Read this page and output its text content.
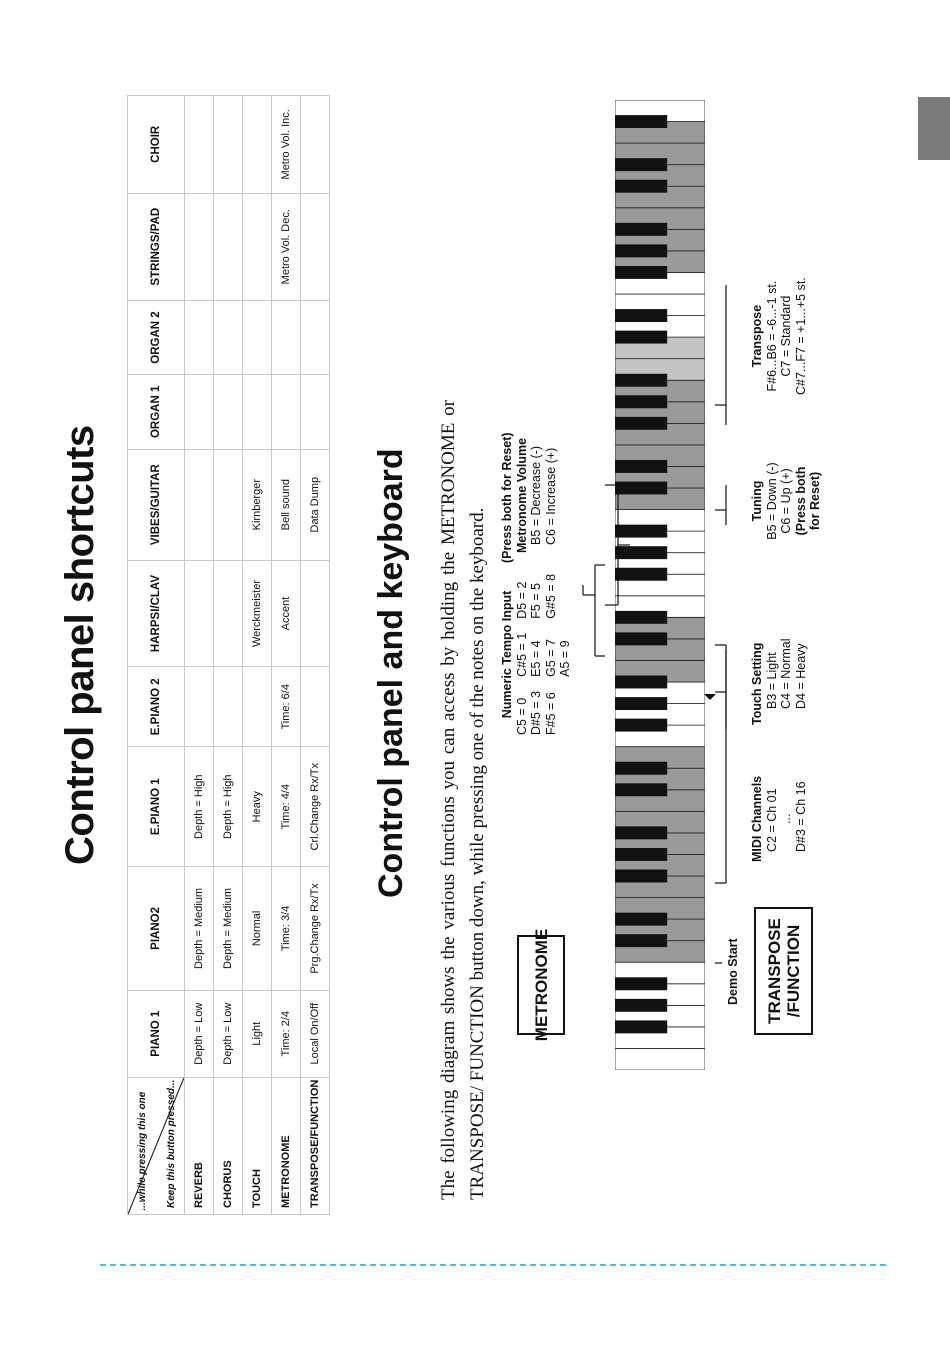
Control panel shortcuts
...while pressing this one Keep this button pressed...	PIANO 1	PIANO2	E.PIANO 1	E.PIANO 2	HARPSI/CLAV	VIBES/GUITAR	ORGAN 1	ORGAN 2	STRINGS/PAD	CHOIR
REVERB	Depth = Low	Depth = Medium	Depth = High							
CHORUS	Depth = Low	Depth = Medium	Depth = High							
TOUCH	Light	Normal	Heavy		Werckmeister	Kirnberger				
METRONOME	Time: 2/4	Time: 3/4	Time: 4/4	Time: 6/4	Accent	Bell sound			Metro Vol. Dec.	Metro Vol. Inc.
TRANSPOSE/FUNCTION	Local On/Off	Prg.Change Rx/Tx	Crl.Change Rx/Tx			Data Dump				Control panel and keyboard The following diagram shows the various functions you can access by holding the METRONOME or TRANSPOSE/ FUNCTION button down, while pressing one of the notes on the keyboard.	METRONOME	TRANSPOSE /FUNCTION
Numeric Tempo Input C5 = 0 D#5 = 3 F#5 = 6
C#5 = 1 E5 = 4 G5 = 7 A5 = 9
D5 = 2 F5 = 5 G#5 = 8
(Press both for Reset) Metronome Volume B5 = Decrease (-) C6 = Increase (+)
Demo Start
MIDI Channels C2 = Ch 01 ... D#3 = Ch 16
Touch Setting B3 = Light C4 = Normal D4 = Heavy
Tuning B5 = Down (-) C6 = Up (+) (Press both for Reset)
Transpose F#6...B6 = -6...-1 st. C7 = Standard C#7...F7 = +1...+5 st.
